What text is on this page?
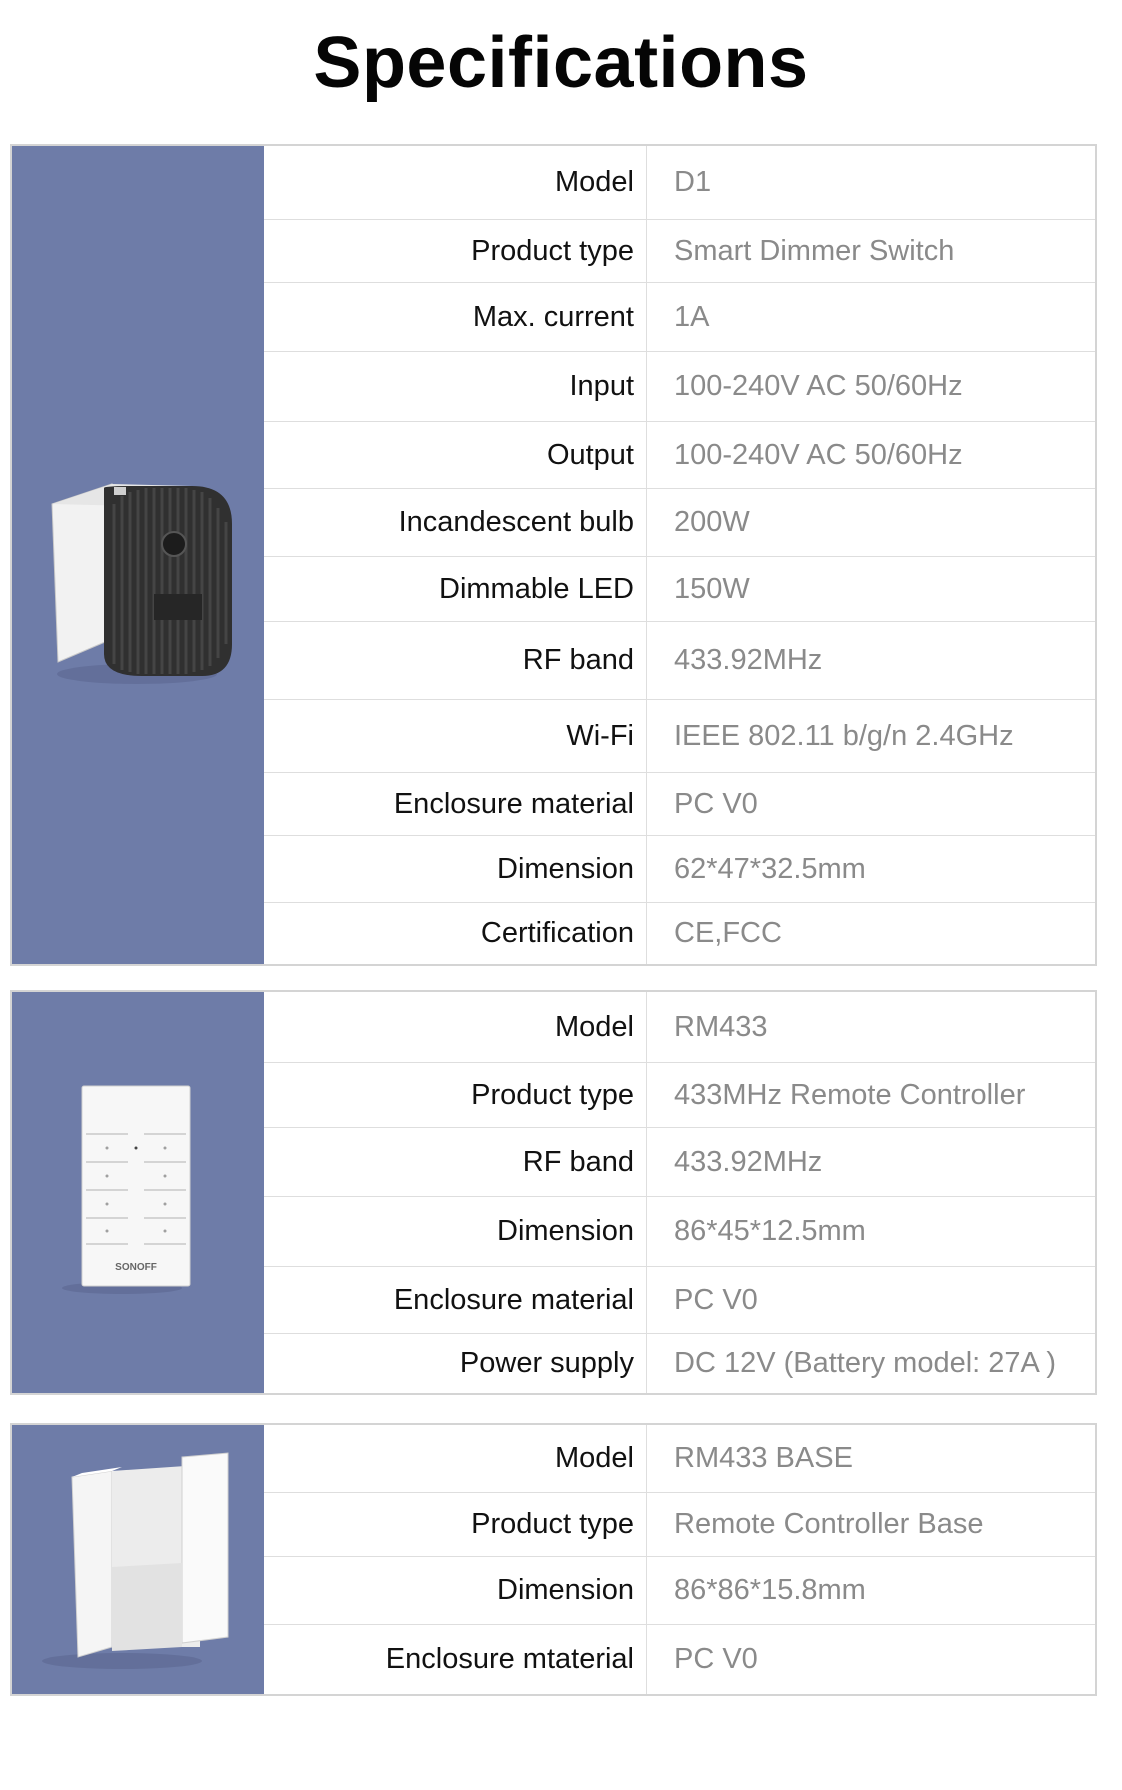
Specifications
Model D1
Product type Smart Dimmer Switch
Max. current 1A
Input 100-240V AC 50/60Hz
Output 100-240V AC 50/60Hz
Incandescent bulb 200W
Dimmable LED 150W
RF band 433.92MHz
Wi-Fi IEEE 802.11 b/g/n 2.4GHz
Enclosure material PC V0
Dimension 62*47*32.5mm
Certification CE,FCC
SONOFF
Model RM433
Product type 433MHz Remote Controller
RF band 433.92MHz
Dimension 86*45*12.5mm
Enclosure material PC V0
Power supply DC 12V (Battery model: 27A )
Model RM433 BASE
Product type Remote Controller Base
Dimension 86*86*15.8mm
Enclosure mtaterial PC V0
